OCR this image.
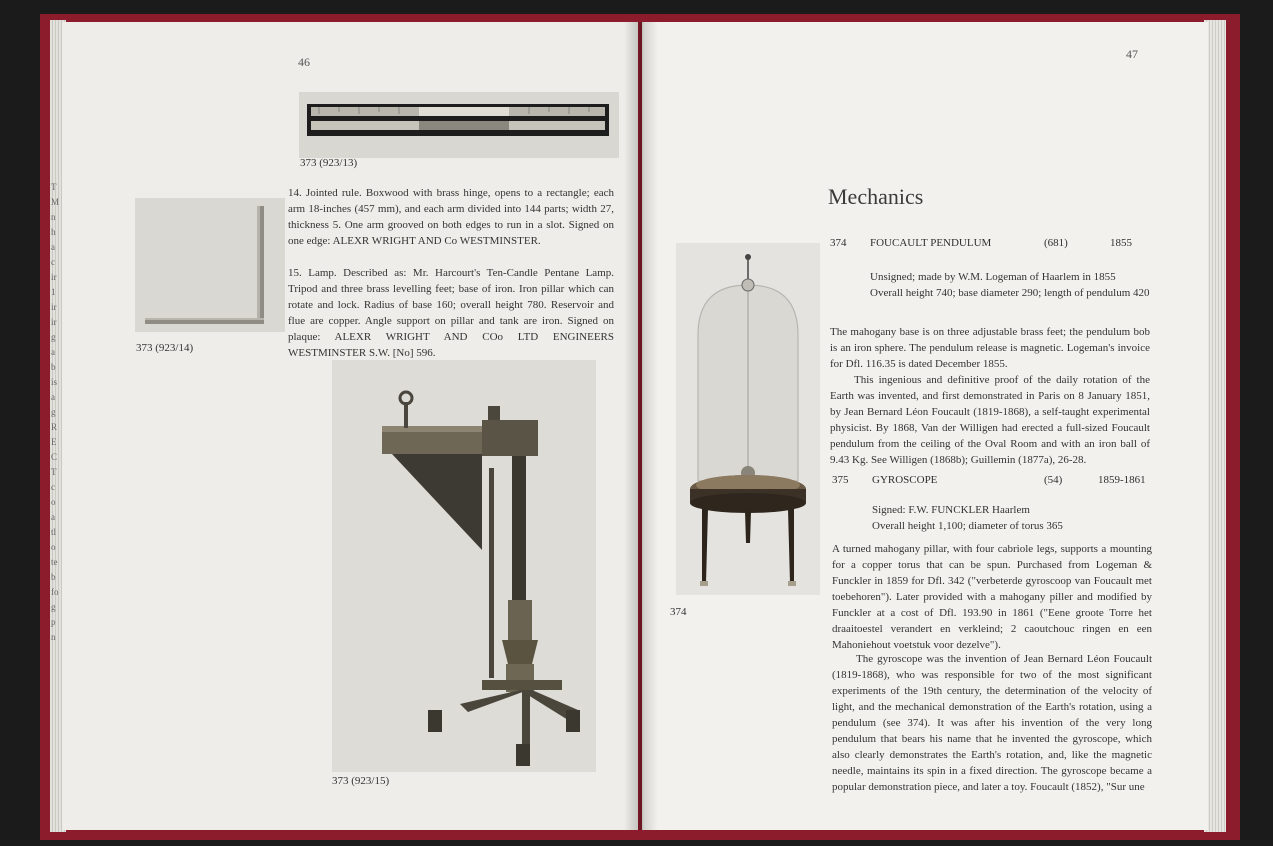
T
M
n
h
a
c
ir
1
ir
ir
g
a
b
is
a
g
R
E
C
T
c
o
a
tl
o
te
b
fo
g
p
n
46
373 (923/13)
373 (923/14)
14. Jointed rule. Boxwood with brass hinge, opens to a rectangle; each arm 18-inches (457 mm), and each arm divided into 144 parts; width 27, thickness 5. One arm grooved on both edges to run in a slot. Signed on one edge: ALEXR WRIGHT AND Co WESTMINSTER.
15. Lamp. Described as: Mr. Harcourt's Ten-Candle Pentane Lamp. Tripod and three brass levelling feet; base of iron. Iron pillar which can rotate and lock. Radius of base 160; overall height 780. Reservoir and flue are copper. Angle support on pillar and tank are iron. Signed on plaque: ALEXR WRIGHT AND COo LTD ENGINEERS WESTMINSTER S.W. [No] 596.
373 (923/15)
47
Mechanics
374
374 FOUCAULT PENDULUM	(681)	1855
Unsigned; made by W.M. Logeman of Haarlem in 1855
Overall height 740; base diameter 290; length of pendulum 420
The mahogany base is on three adjustable brass feet; the pendulum bob is an iron sphere. The pendulum release is magnetic. Logeman's invoice for Dfl. 116.35 is dated December 1855.
This ingenious and definitive proof of the daily rotation of the Earth was invented, and first demonstrated in Paris on 8 January 1851, by Jean Bernard Léon Foucault (1819-1868), a self-taught experimental physicist. By 1868, Van der Willigen had erected a full-sized Foucault pendulum from the ceiling of the Oval Room and with an iron ball of 9.43 Kg. See Willigen (1868b); Guillemin (1877a), 26-28.
375 GYROSCOPE	(54)	1859-1861
Signed: F.W. FUNCKLER Haarlem
Overall height 1,100; diameter of torus 365
A turned mahogany pillar, with four cabriole legs, supports a mounting for a copper torus that can be spun. Purchased from Logeman & Funckler in 1859 for Dfl. 342 ("verbeterde gyroscoop van Foucault met toebehoren"). Later provided with a mahogany piller and modified by Funckler at a cost of Dfl. 193.90 in 1861 ("Eene groote Torre het draaitoestel verandert en verkleind; 2 caoutchouc ringen en een Mahoniehout voetstuk voor dezelve").
The gyroscope was the invention of Jean Bernard Léon Foucault (1819-1868), who was responsible for two of the most significant experiments of the 19th century, the determination of the velocity of light, and the mechanical demonstration of the Earth's rotation, using a pendulum (see 374). It was after his invention of the very long pendulum that bears his name that he invented the gyroscope, which also clearly demonstrates the Earth's rotation, and, like the magnetic needle, maintains its spin in a fixed direction. The gyroscope became a popular demonstration piece, and later a toy. Foucault (1852), "Sur une
